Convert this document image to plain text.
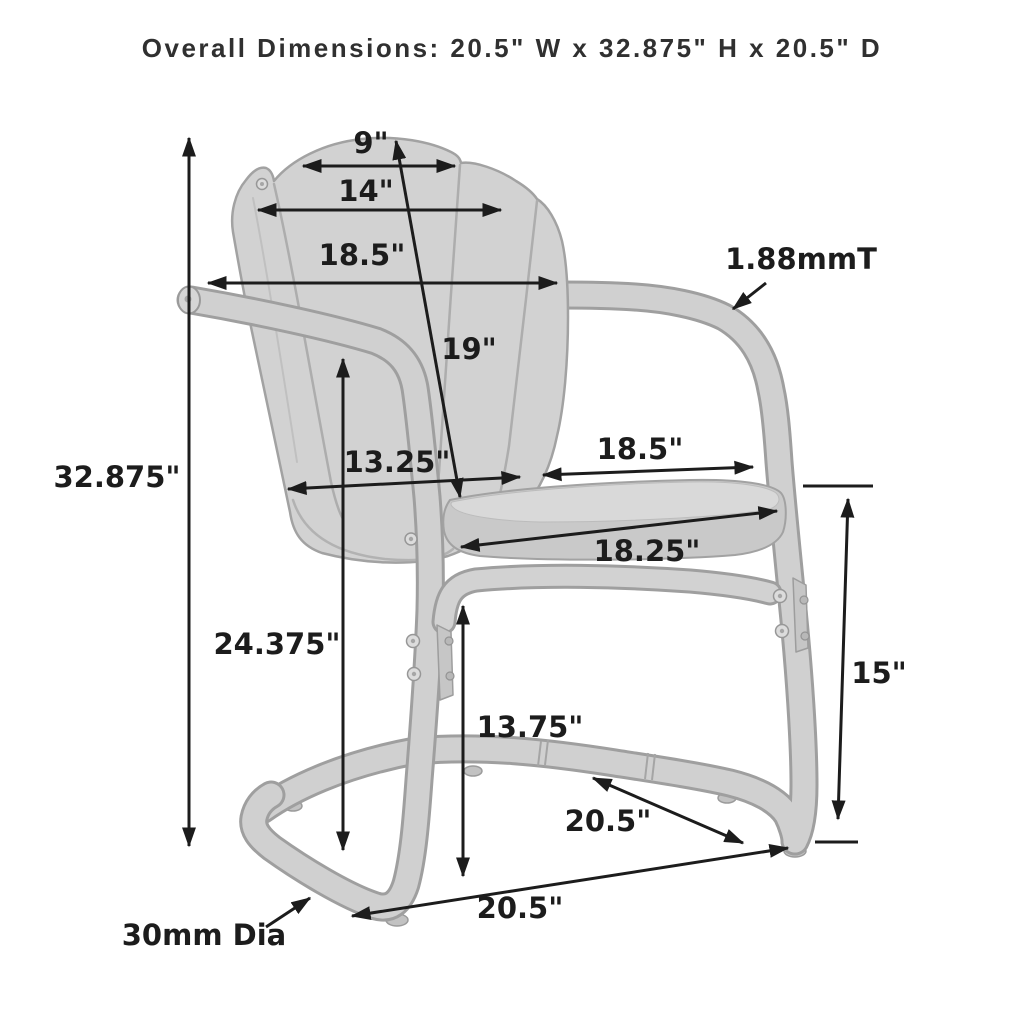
9"
14"
18.5"
19"
1.88mmT
32.875"	13.25"	18.5"
18.25"
24.375"
13.75"
15"
20.5"
20.5"
30mm Dia
Overall Dimensions: 20.5" W x 32.875" H x 20.5" D
